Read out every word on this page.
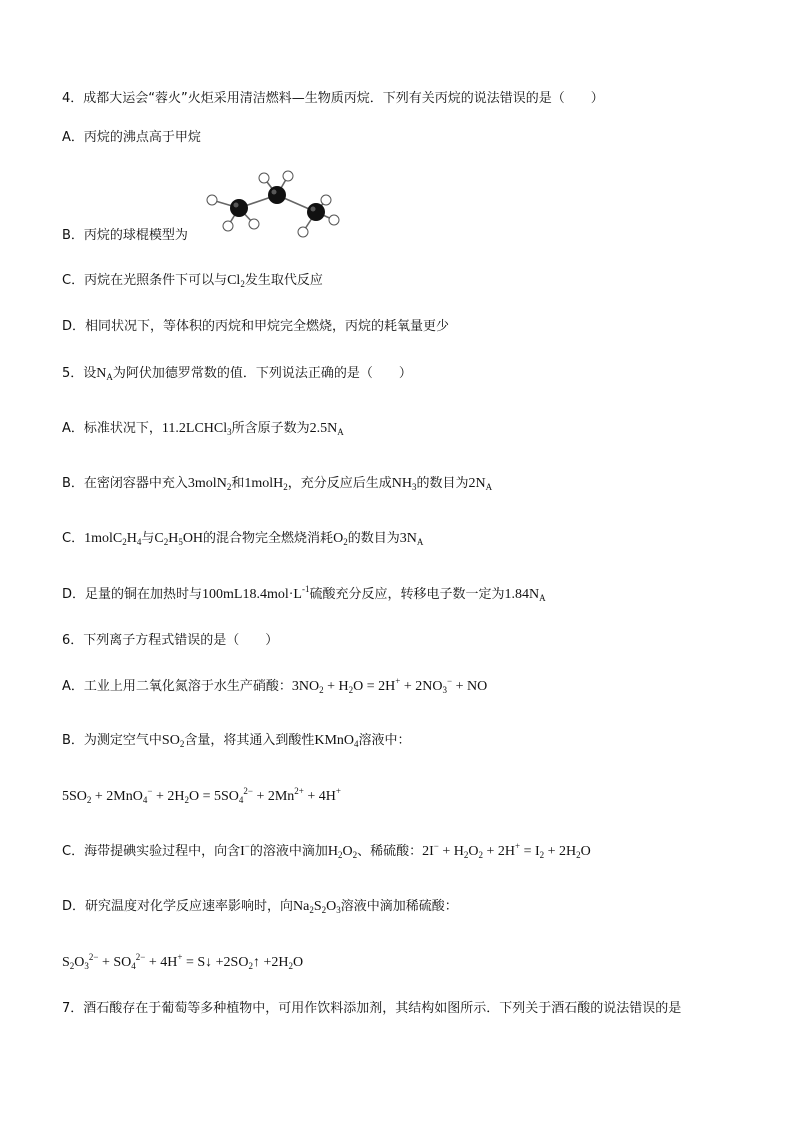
4．成都大运会“蓉火”火炬采用清洁燃料—生物质丙烷．下列有关丙烷的说法错误的是（　　）
A．丙烷的沸点高于甲烷
B．丙烷的球棍模型为
C．丙烷在光照条件下可以与$Cl_2$发生取代反应
D．相同状况下，等体积的丙烷和甲烷完全燃烧，丙烷的耗氧量更少
5．设$N_A$为阿伏加德罗常数的值．下列说法正确的是（　　）
A．标准状况下，11.2LCHCl$_3$所含原子数为$2.5N_A$
B．在密闭容器中充入3molN$_2$和1molH$_2$，充分反应后生成$NH_3$的数目为$2N_A$
C．$1molC_2H_4$与$C_2H_5OH$的混合物完全燃烧消耗$O_2$的数目为$3N_A$
D．足量的铜在加热时与$100mL18.4mol\cdot L^{-1}$硫酸充分反应，转移电子数一定为$1.84N_A$
6．下列离子方程式错误的是（　　）
A．工业上用二氧化氮溶于水生产硝酸：$3NO_2 + H_2O = 2H^+ + 2NO_3^-$ + NO
B．为测定空气中$SO_2$含量，将其通入到酸性KMnO$_4$溶液中：
$5SO_2 + 2MnO_4^- + 2H_2O = 5SO_4^{2-} + 2Mn^{2+} + 4H^+$
C．海带提碘实验过程中，向含I−的溶液中滴加$H_2O_2$、稀硫酸：$2I^- + H_2O_2 + 2H^+ = I_2 + 2H_2O$
D．研究温度对化学反应速率影响时，向$Na_2S_2O_3$溶液中滴加稀硫酸：
$S_2O_3^{2-} + SO_4^{2-} + 4H^+$ = S↓ $+2SO_2↑ +2H_2O$
7．酒石酸存在于葡萄等多种植物中，可用作饮料添加剂，其结构如图所示．下列关于酒石酸的说法错误的是
